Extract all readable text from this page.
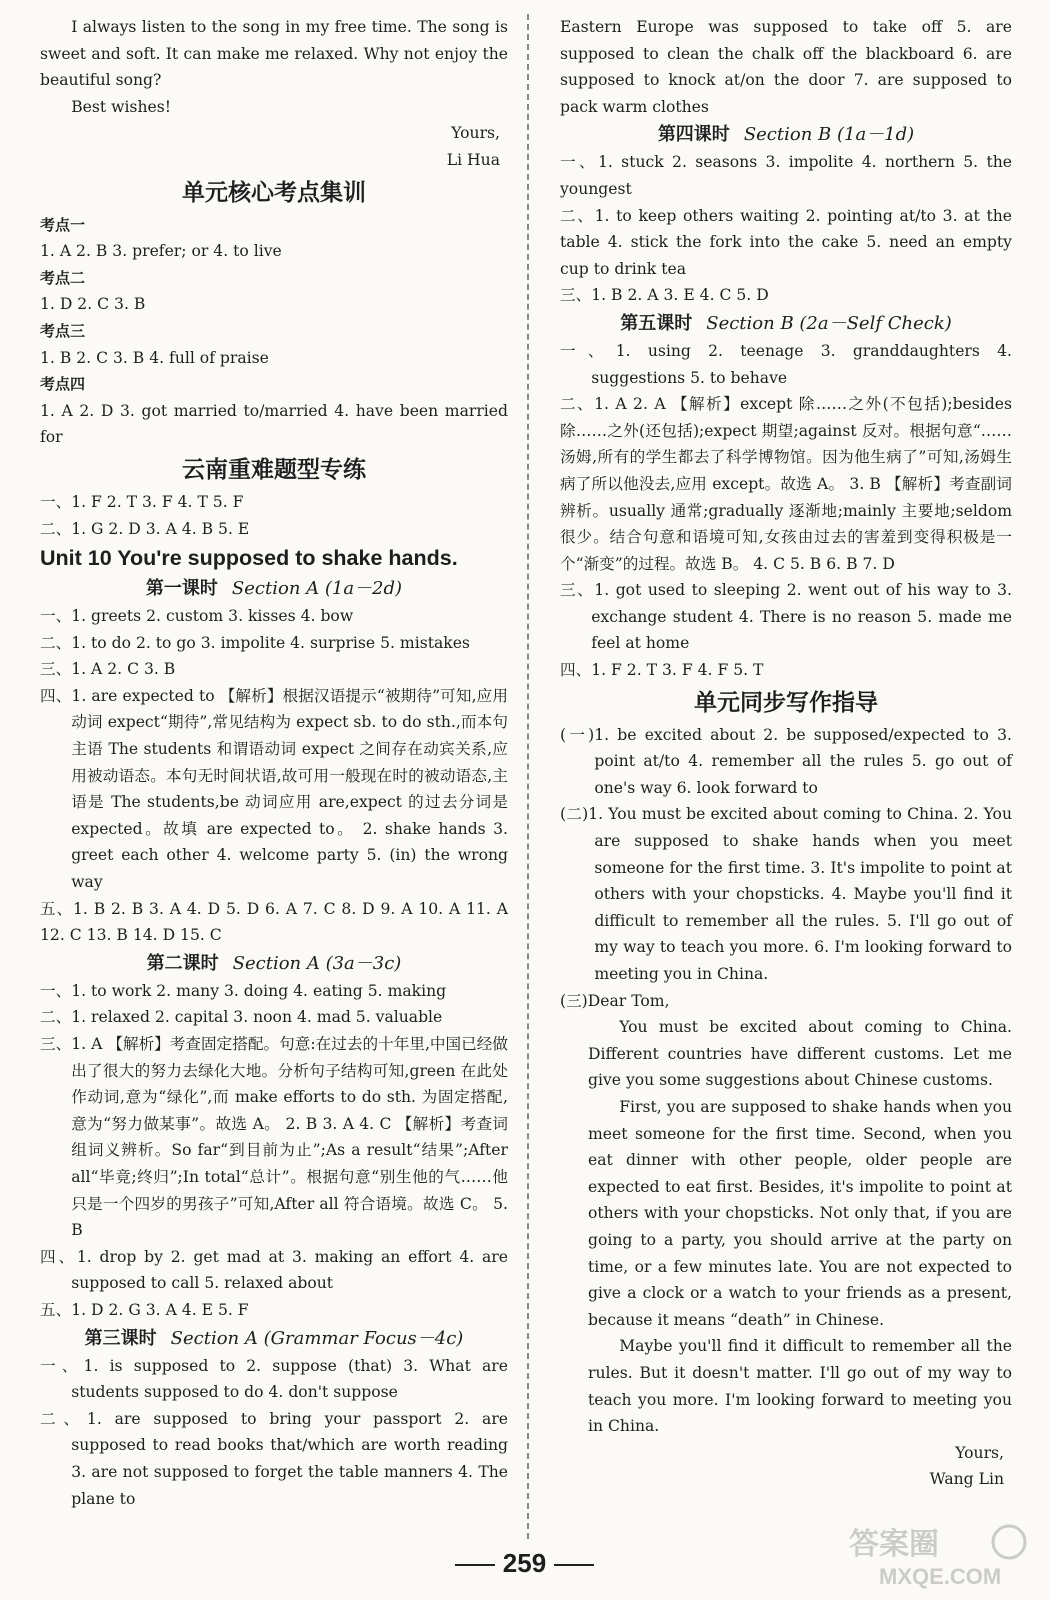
I always listen to the song in my free time. The song is sweet and soft. It can make me relaxed. Why not enjoy the beautiful song?

Best wishes!

Yours,

Li Hua

单元核心考点集训

考点一

1. A 2. B 3. prefer; or 4. to live

考点二

1. D 2. C 3. B

考点三

1. B 2. C 3. B 4. full of praise

考点四

1. A 2. D 3. got married to/married 4. have been married for

云南重难题型专练

一、1. F 2. T 3. F 4. T 5. F

二、1. G 2. D 3. A 4. B 5. E

Unit 10 You're supposed to shake hands.

第一课时 Section A (1a－2d)

一、1. greets 2. custom 3. kisses 4. bow

二、1. to do 2. to go 3. impolite 4. surprise 5. mistakes

三、1. A 2. C 3. B

四、1. are expected to 【解析】根据汉语提示“被期待”可知,应用动词 expect“期待”,常见结构为 expect sb. to do sth.,而本句主语 The students 和谓语动词 expect 之间存在动宾关系,应用被动语态。本句无时间状语,故可用一般现在时的被动语态,主语是 The students,be 动词应用 are,expect 的过去分词是 expected。故填 are expected to。 2. shake hands 3. greet each other 4. welcome party 5. (in) the wrong way

五、1. B 2. B 3. A 4. D 5. D 6. A 7. C 8. D 9. A 10. A 11. A 12. C 13. B 14. D 15. C

第二课时 Section A (3a－3c)

一、1. to work 2. many 3. doing 4. eating 5. making

二、1. relaxed 2. capital 3. noon 4. mad 5. valuable

三、1. A 【解析】考查固定搭配。句意:在过去的十年里,中国已经做出了很大的努力去绿化大地。分析句子结构可知,green 在此处作动词,意为“绿化”,而 make efforts to do sth. 为固定搭配,意为“努力做某事”。故选 A。 2. B 3. A 4. C 【解析】考查词组词义辨析。So far“到目前为止”;As a result“结果”;After all“毕竟;终归”;In total“总计”。根据句意“别生他的气……他只是一个四岁的男孩子”可知,After all 符合语境。故选 C。 5. B

四、1. drop by 2. get mad at 3. making an effort 4. are supposed to call 5. relaxed about

五、1. D 2. G 3. A 4. E 5. F

第三课时 Section A (Grammar Focus－4c)

一、1. is supposed to 2. suppose (that) 3. What are students supposed to do 4. don't suppose

二、1. are supposed to bring your passport 2. are supposed to read books that/which are worth reading 3. are not supposed to forget the table manners 4. The plane to

Eastern Europe was supposed to take off 5. are supposed to clean the chalk off the blackboard 6. are supposed to knock at/on the door 7. are supposed to pack warm clothes

第四课时 Section B (1a－1d)

一、1. stuck 2. seasons 3. impolite 4. northern 5. the youngest

二、1. to keep others waiting 2. pointing at/to 3. at the table 4. stick the fork into the cake 5. need an empty cup to drink tea

三、1. B 2. A 3. E 4. C 5. D

第五课时 Section B (2a－Self Check)

一、1. using 2. teenage 3. granddaughters 4. suggestions 5. to behave

二、1. A 2. A 【解析】except 除……之外(不包括);besides 除……之外(还包括);expect 期望;against 反对。根据句意“……汤姆,所有的学生都去了科学博物馆。因为他生病了”可知,汤姆生病了所以他没去,应用 except。故选 A。 3. B 【解析】考查副词辨析。usually 通常;gradually 逐渐地;mainly 主要地;seldom 很少。结合句意和语境可知,女孩由过去的害羞到变得积极是一个“渐变”的过程。故选 B。 4. C 5. B 6. B 7. D

三、1. got used to sleeping 2. went out of his way to 3. exchange student 4. There is no reason 5. made me feel at home

四、1. F 2. T 3. F 4. F 5. T

单元同步写作指导

(一)1. be excited about 2. be supposed/expected to 3. point at/to 4. remember all the rules 5. go out of one's way 6. look forward to

(二)1. You must be excited about coming to China. 2. You are supposed to shake hands when you meet someone for the first time. 3. It's impolite to point at others with your chopsticks. 4. Maybe you'll find it difficult to remember all the rules. 5. I'll go out of my way to teach you more. 6. I'm looking forward to meeting you in China.

(三)Dear Tom,

You must be excited about coming to China. Different countries have different customs. Let me give you some suggestions about Chinese customs.

First, you are supposed to shake hands when you meet someone for the first time. Second, when you eat dinner with other people, older people are expected to eat first. Besides, it's impolite to point at others with your chopsticks. Not only that, if you are going to a party, you should arrive at the party on time, or a few minutes late. You are not expected to give a clock or a watch to your friends as a present, because it means “death” in Chinese.

Maybe you'll find it difficult to remember all the rules. But it doesn't matter. I'll go out of my way to teach you more. I'm looking forward to meeting you in China.

Yours,

Wang Lin

259
答案圈
MXQE.COM
